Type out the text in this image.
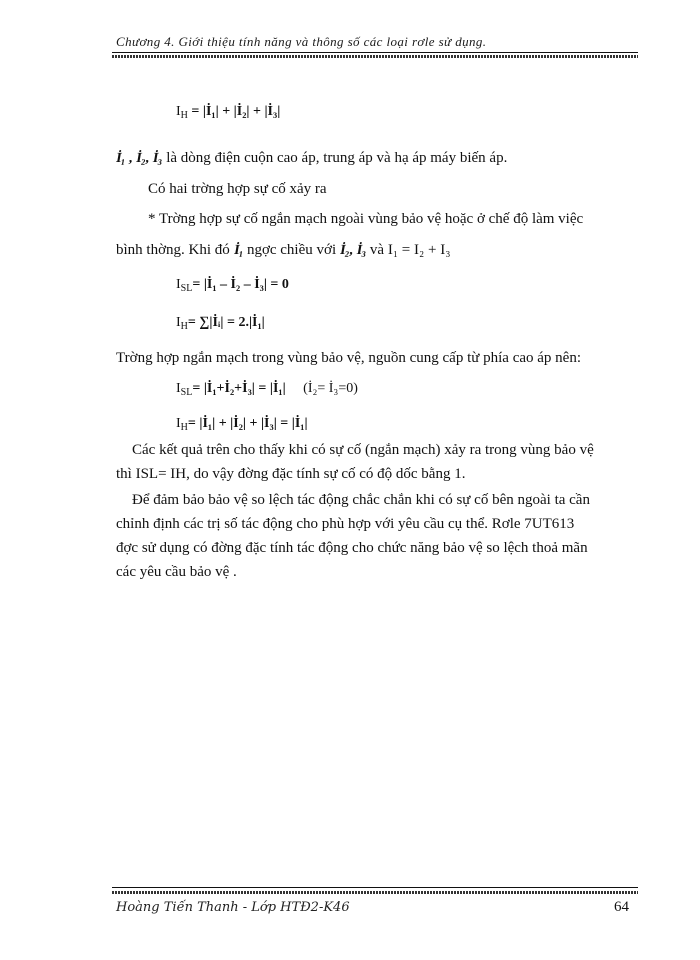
Chương 4. Giới thiệu tính năng và thông số các loại rơle sử dụng.
$I_H$ = |İ₁| + |İ₂| + |İ₃|
İ₁ , İ₂, İ₃ là dòng điện cuộn cao áp, trung áp và hạ áp máy biến áp.
Có hai trờng hợp sự cố xảy ra
* Trờng hợp sự cố ngắn mạch ngoài vùng bảo vệ hoặc ở chế độ làm việc
bình thờng. Khi đó İ₁ ngợc chiều với İ₂, İ₃ và I₁ = I₂ + I₃
$I_{SL}=$ |İ₁ – İ₂ – İ₃| = 0
$I_H=$ ∑|İᵢ| = 2.|İ₁|
Trờng hợp ngắn mạch trong vùng bảo vệ, nguồn cung cấp từ phía cao áp nên:
$I_{SL}=$ |İ₁+İ₂+İ₃| = |İ₁| (İ₂= İ₃=0)
$I_H=$ |İ₁| + |İ₂| + |İ₃| = |İ₁|
Các kết quả trên cho thấy khi có sự cố (ngắn mạch) xảy ra trong vùng bảo vệ
thì ISL= IH, do vậy đờng đặc tính sự cố có độ dốc bằng 1.
Để đảm bảo bảo vệ so lệch tác động chắc chắn khi có sự cố bên ngoài ta cần
chỉnh định các trị số tác động cho phù hợp với yêu cầu cụ thể. Rơle 7UT613
đợc sử dụng có đờng đặc tính tác động cho chức năng bảo vệ so lệch thoả mãn
các yêu cầu bảo vệ .
Hoàng Tiến Thanh - Lớp HTĐ2-K46	64
